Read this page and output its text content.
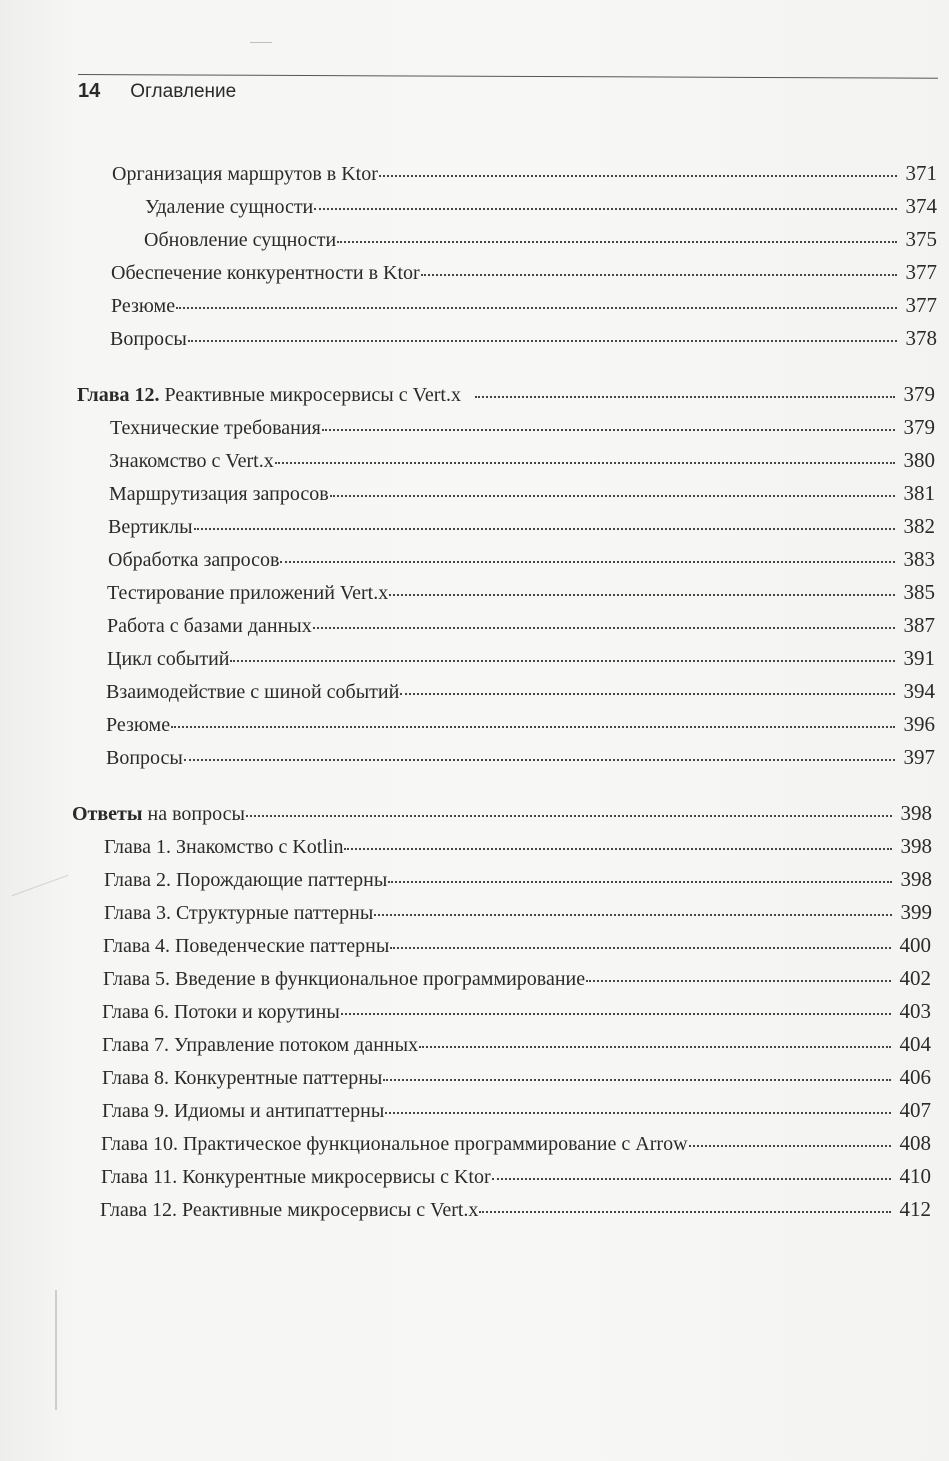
14 Оглавление
Организация маршрутов в Ktor	371
Удаление сущности	374
Обновление сущности	375
Обеспечение конкурентности в Ktor	377
Резюме	377
Вопросы	378
Глава 12. Реактивные микросервисы с Vert.x	379
Технические требования	379
Знакомство с Vert.x	380
Маршрутизация запросов	381
Вертиклы	382
Обработка запросов	383
Тестирование приложений Vert.x	385
Работа с базами данных	387
Цикл событий	391
Взаимодействие с шиной событий	394
Резюме	396
Вопросы	397
Ответы на вопросы	398
Глава 1. Знакомство с Kotlin	398
Глава 2. Порождающие паттерны	398
Глава 3. Структурные паттерны	399
Глава 4. Поведенческие паттерны	400
Глава 5. Введение в функциональное программирование	402
Глава 6. Потоки и корутины	403
Глава 7. Управление потоком данных	404
Глава 8. Конкурентные паттерны	406
Глава 9. Идиомы и антипаттерны	407
Глава 10. Практическое функциональное программирование с Arrow	408
Глава 11. Конкурентные микросервисы с Ktor	410
Глава 12. Реактивные микросервисы с Vert.x	412
